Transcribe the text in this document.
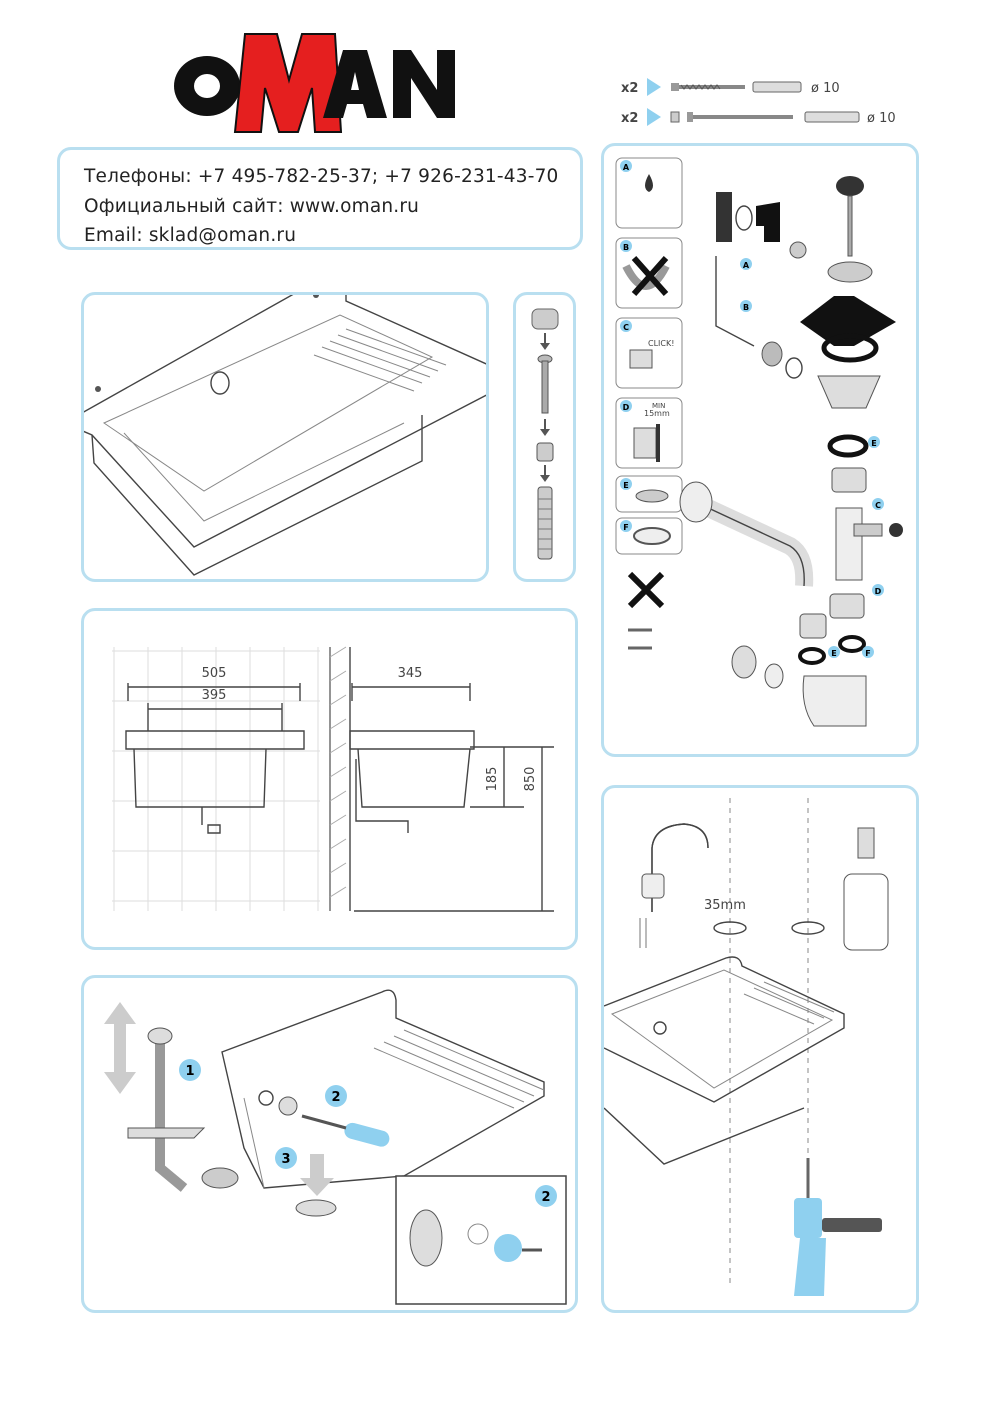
x2	ø 10
x2	ø 10
Телефоны: +7 495-782-25-37; +7 926-231-43-70
Официальный сайт: www.oman.ru
Email: sklad@oman.ru
505
395
345
185 850
A
B
C
CLICK!
D	MIN
15mm
E
F
A
B
E
C
D
E	F
1
2
3
2
35mm
